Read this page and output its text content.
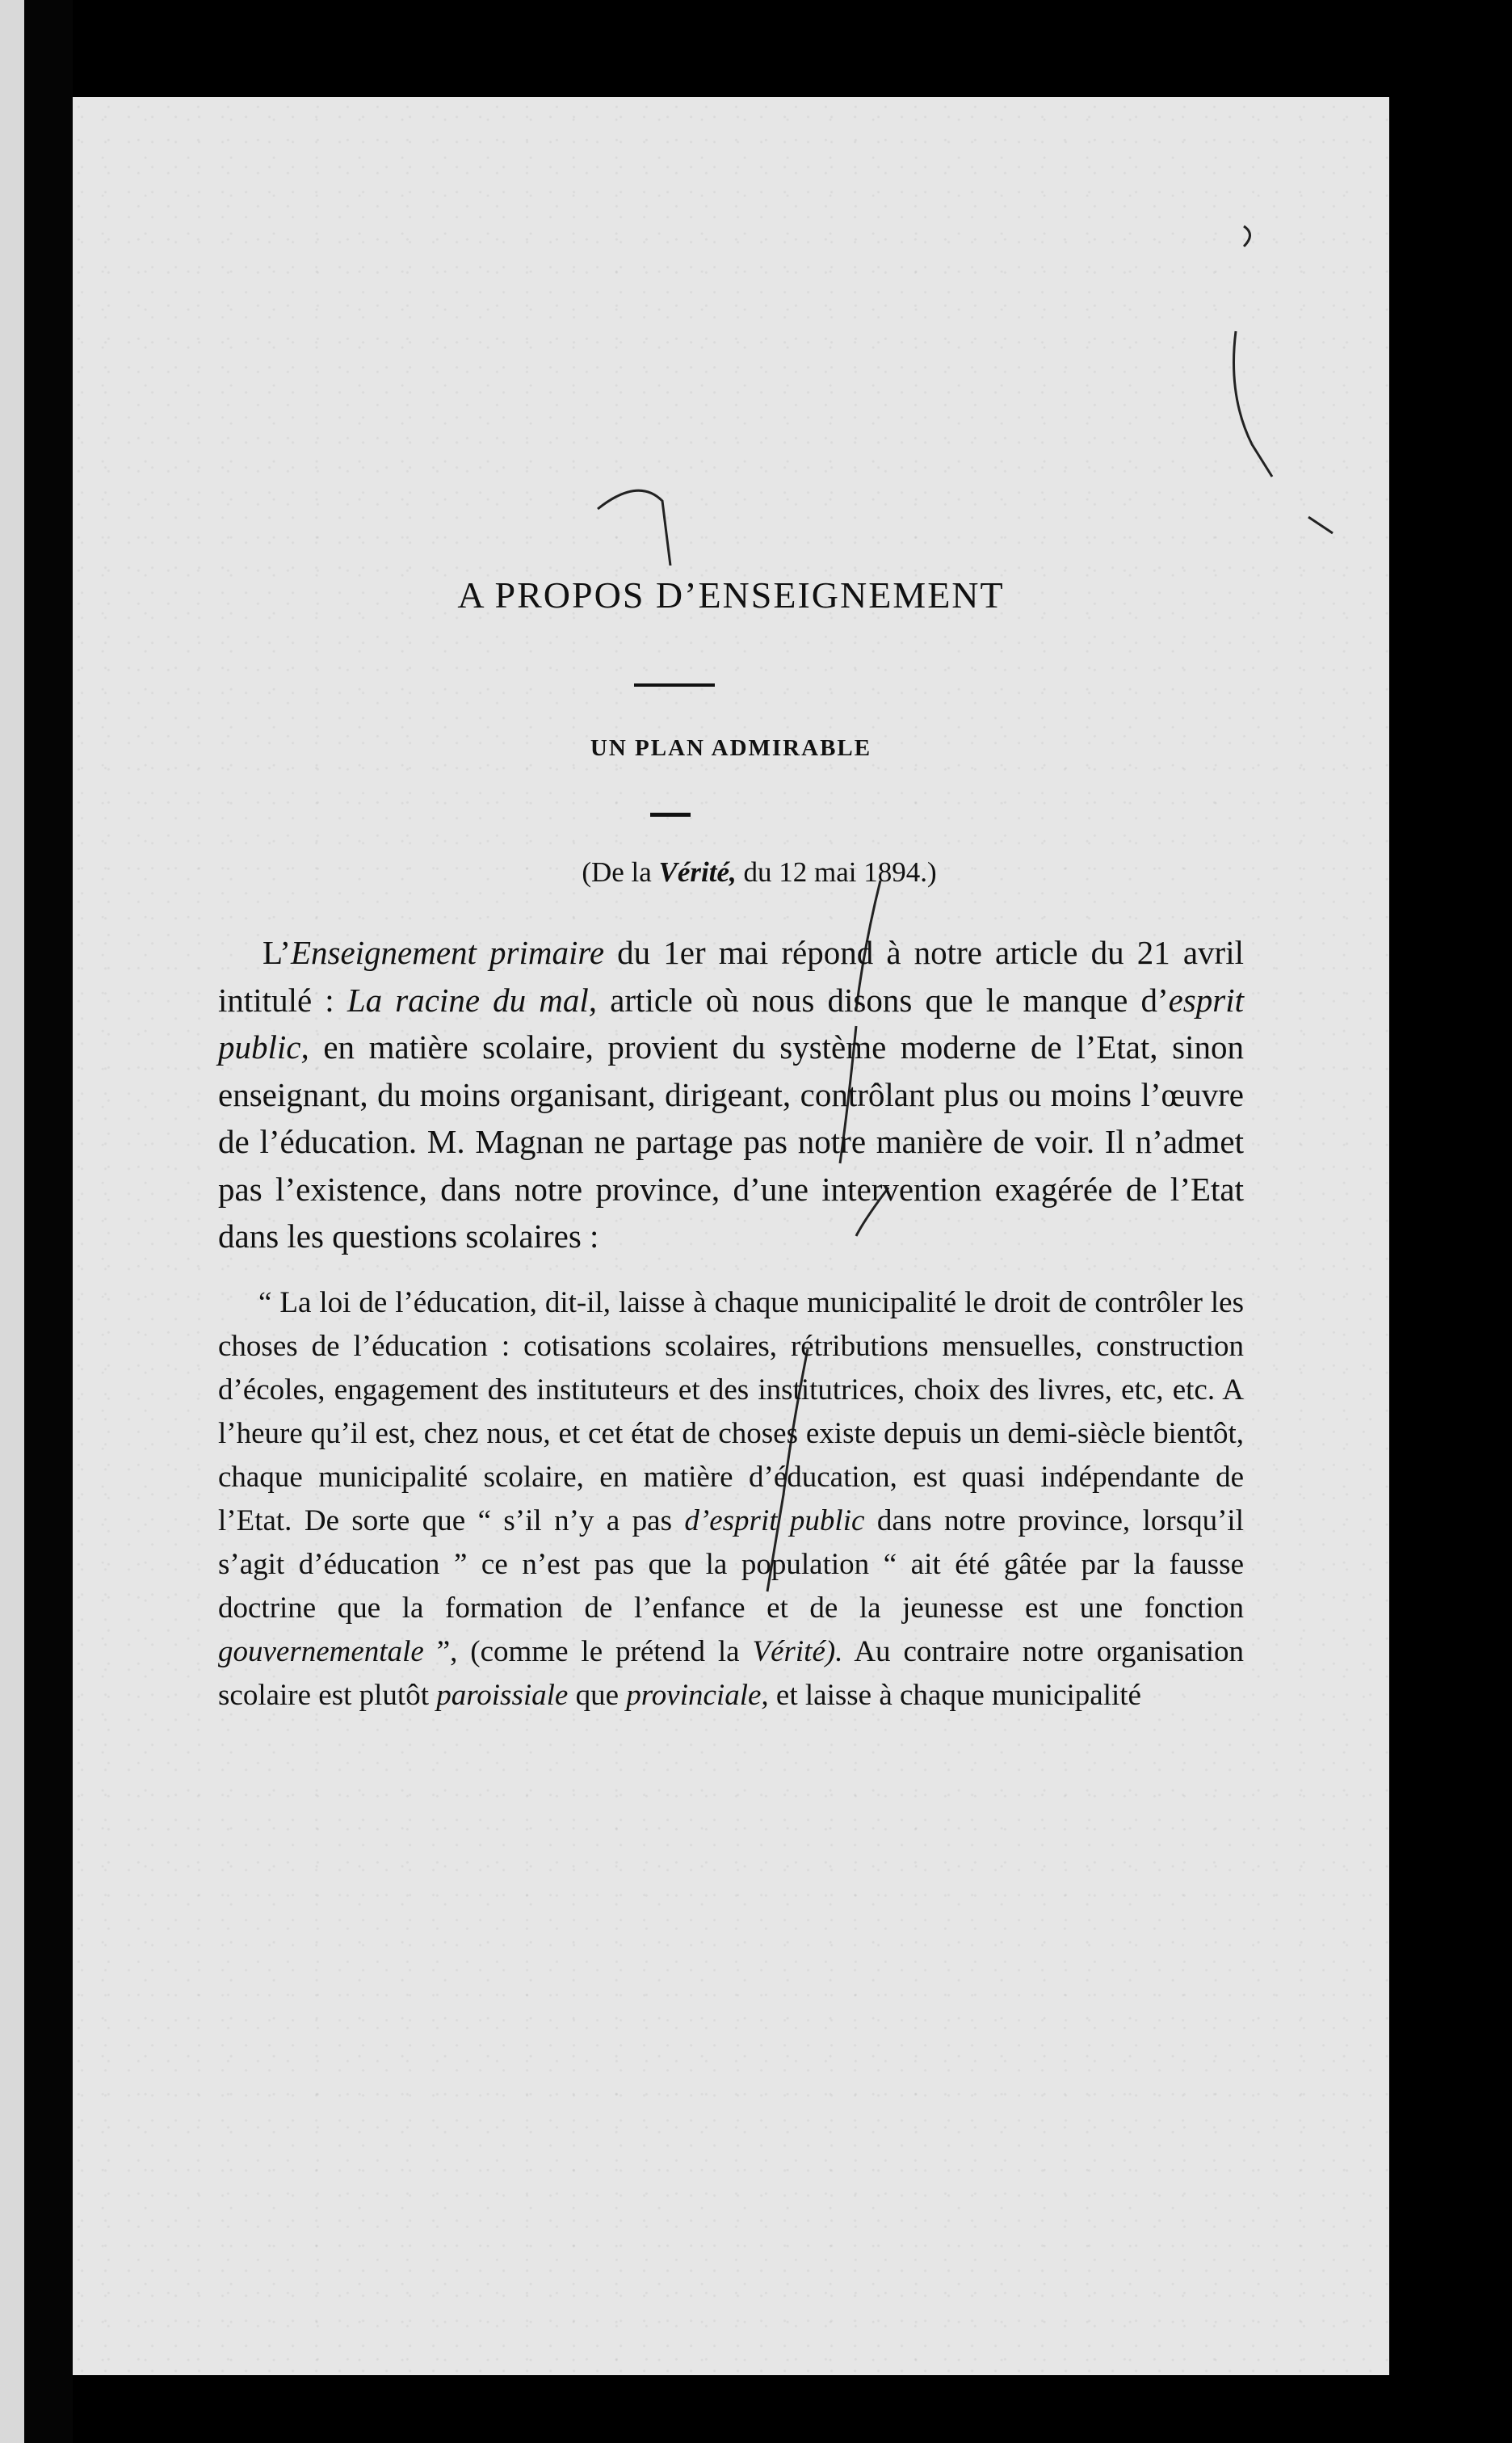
A PROPOS D’ENSEIGNEMENT
UN PLAN ADMIRABLE
(De la Vérité, du 12 mai 1894.)

L’Enseignement primaire du 1er mai répond à notre article du 21 avril intitulé : La racine du mal, article où nous disons que le manque d’esprit public, en matière scolaire, provient du système moderne de l’Etat, sinon enseignant, du moins organisant, dirigeant, contrôlant plus ou moins l’œuvre de l’éducation. M. Magnan ne partage pas notre manière de voir. Il n’admet pas l’existence, dans notre province, d’une intervention exagérée de l’Etat dans les questions scolaires :

“ La loi de l’éducation, dit-il, laisse à chaque municipalité le droit de contrôler les choses de l’éducation : cotisations scolaires, rétributions mensuelles, construction d’écoles, engagement des instituteurs et des institutrices, choix des livres, etc, etc. A l’heure qu’il est, chez nous, et cet état de choses existe depuis un demi-siècle bientôt, chaque municipalité scolaire, en matière d’éducation, est quasi indépendante de l’Etat. De sorte que “ s’il n’y a pas d’esprit public dans notre province, lorsqu’il s’agit d’éducation ” ce n’est pas que la population “ ait été gâtée par la fausse doctrine que la formation de l’enfance et de la jeunesse est une fonction gouvernementale ”, (comme le prétend la Vérité). Au contraire notre organisation scolaire est plutôt paroissiale que provinciale, et laisse à chaque municipalité
